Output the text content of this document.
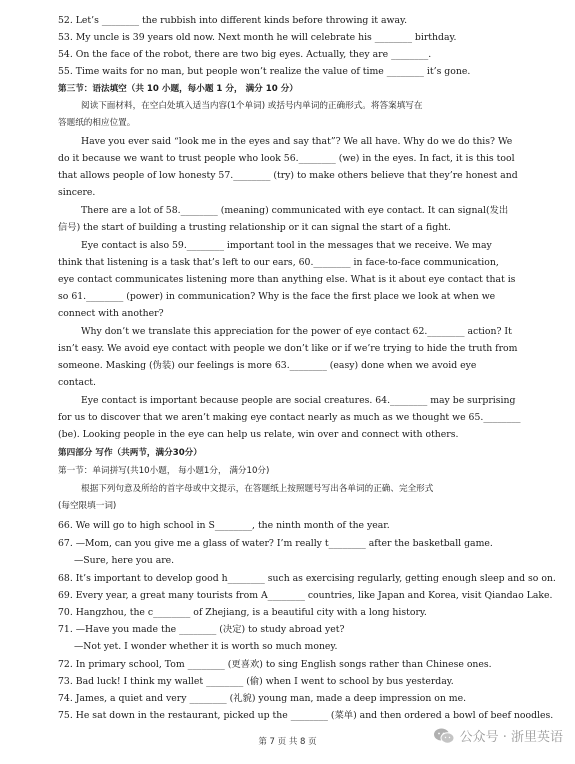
52. Let’s ________ the rubbish into different kinds before throwing it away.
53. My uncle is 39 years old now. Next month he will celebrate his ________ birthday.
54. On the face of the robot, there are two big eyes. Actually, they are ________.
55. Time waits for no man, but people won’t realize the value of time ________ it’s gone.
第三节：语法填空（共 10 小题，每小题 1 分， 满分 10 分）
阅读下面材料，在空白处填入适当内容(1个单词) 或括号内单词的正确形式。将答案填写在
答题纸的相应位置。
Have you ever said “look me in the eyes and say that”? We all have. Why do we do this? We
do it because we want to trust people who look 56.________ (we) in the eyes. In fact, it is this tool
that allows people of low honesty 57.________ (try) to make others believe that they’re honest and
sincere.
There are a lot of 58.________ (meaning) communicated with eye contact. It can signal(发出
信号) the start of building a trusting relationship or it can signal the start of a fight.
Eye contact is also 59.________ important tool in the messages that we receive. We may
think that listening is a task that’s left to our ears, 60.________ in face-to-face communication,
eye contact communicates listening more than anything else. What is it about eye contact that is
so 61.________ (power) in communication? Why is the face the first place we look at when we
connect with another?
Why don’t we translate this appreciation for the power of eye contact 62.________ action? It
isn’t easy. We avoid eye contact with people we don’t like or if we’re trying to hide the truth from
someone. Masking (伪装) our feelings is more 63.________ (easy) done when we avoid eye
contact.
Eye contact is important because people are social creatures. 64.________ may be surprising
for us to discover that we aren’t making eye contact nearly as much as we thought we 65.________
(be). Looking people in the eye can help us relate, win over and connect with others.
第四部分 写作（共两节，满分30分）
第一节：单词拼写(共10小题， 每小题1分， 满分10分)
根据下列句意及所给的首字母或中文提示，在答题纸上按照题号写出各单词的正确、完全形式
(每空限填一词)
66. We will go to high school in S________, the ninth month of the year.
67. —Mom, can you give me a glass of water? I’m really t________ after the basketball game.
—Sure, here you are.
68. It’s important to develop good h________ such as exercising regularly, getting enough sleep and so on.
69. Every year, a great many tourists from A________ countries, like Japan and Korea, visit Qiandao Lake.
70. Hangzhou, the c________ of Zhejiang, is a beautiful city with a long history.
71. —Have you made the ________ (决定) to study abroad yet?
—Not yet. I wonder whether it is worth so much money.
72. In primary school, Tom ________ (更喜欢) to sing English songs rather than Chinese ones.
73. Bad luck! I think my wallet ________ (偷) when I went to school by bus yesterday.
74. James, a quiet and very ________ (礼貌) young man, made a deep impression on me.
75. He sat down in the restaurant, picked up the ________ (菜单) and then ordered a bowl of beef noodles.
第 7 页 共 8 页	公众号 · 浙里英语
